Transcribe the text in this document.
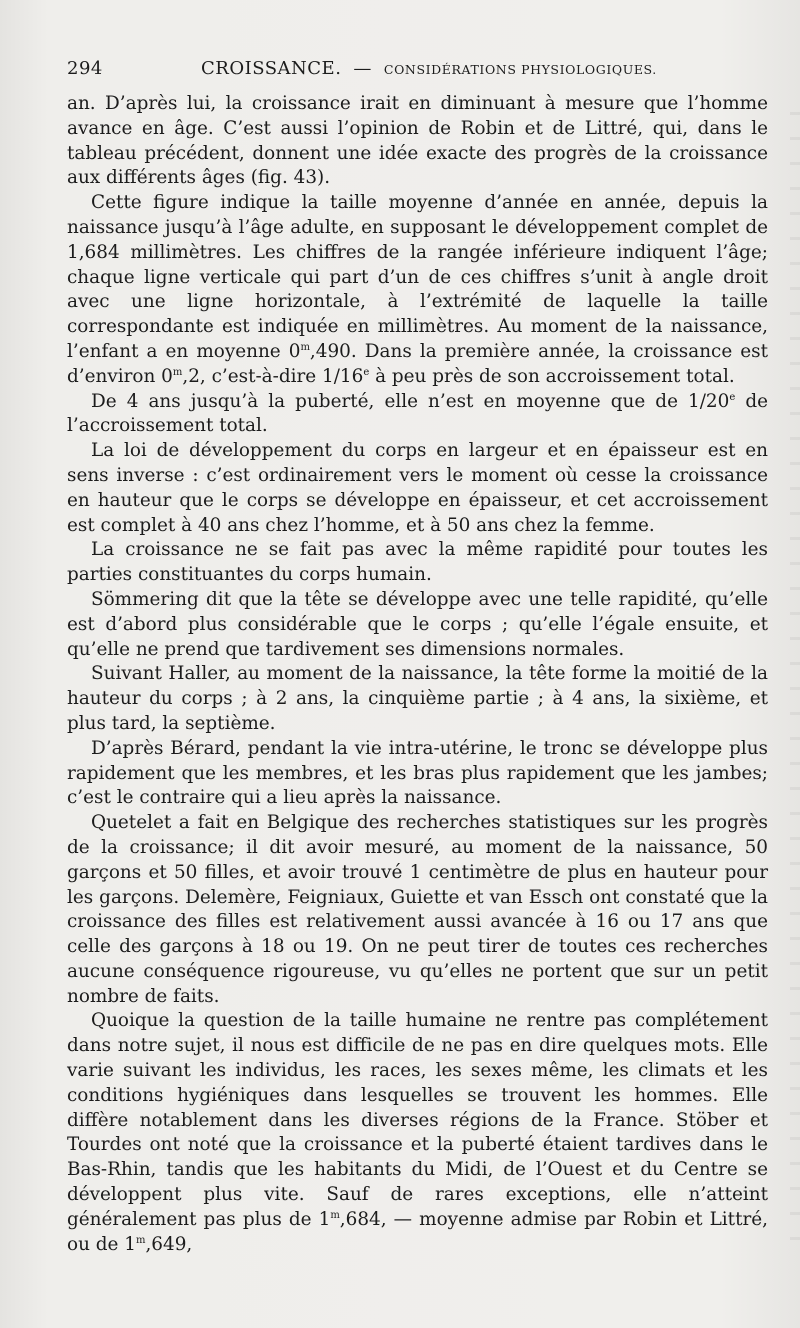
294	CROISSANCE. — CONSIDÉRATIONS PHYSIOLOGIQUES.

an. D’après lui, la croissance irait en diminuant à mesure que l’homme avance en âge. C’est aussi l’opinion de Robin et de Littré, qui, dans le tableau précédent, donnent une idée exacte des progrès de la croissance aux différents âges (fig. 43).

Cette figure indique la taille moyenne d’année en année, depuis la naissance jusqu’à l’âge adulte, en supposant le développement complet de 1,684 millimètres. Les chiffres de la rangée inférieure indiquent l’âge; chaque ligne verticale qui part d’un de ces chiffres s’unit à angle droit avec une ligne horizontale, à l’extrémité de laquelle la taille correspondante est indiquée en millimètres. Au moment de la naissance, l’enfant a en moyenne 0$^m$,490. Dans la première année, la croissance est d’environ 0$^m$,2, c’est-à-dire 1/16e à peu près de son accroissement total.

De 4 ans jusqu’à la puberté, elle n’est en moyenne que de 1/20e de l’accroissement total.

La loi de développement du corps en largeur et en épaisseur est en sens inverse : c’est ordinairement vers le moment où cesse la croissance en hauteur que le corps se développe en épaisseur, et cet accroissement est complet à 40 ans chez l’homme, et à 50 ans chez la femme.

La croissance ne se fait pas avec la même rapidité pour toutes les parties constituantes du corps humain.

Sömmering dit que la tête se développe avec une telle rapidité, qu’elle est d’abord plus considérable que le corps ; qu’elle l’égale ensuite, et qu’elle ne prend que tardivement ses dimensions normales.

Suivant Haller, au moment de la naissance, la tête forme la moitié de la hauteur du corps ; à 2 ans, la cinquième partie ; à 4 ans, la sixième, et plus tard, la septième.

D’après Bérard, pendant la vie intra-utérine, le tronc se développe plus rapidement que les membres, et les bras plus rapidement que les jambes; c’est le contraire qui a lieu après la naissance.

Quetelet a fait en Belgique des recherches statistiques sur les progrès de la croissance; il dit avoir mesuré, au moment de la naissance, 50 garçons et 50 filles, et avoir trouvé 1 centimètre de plus en hauteur pour les garçons. Delemère, Feigniaux, Guiette et van Essch ont constaté que la croissance des filles est relativement aussi avancée à 16 ou 17 ans que celle des garçons à 18 ou 19. On ne peut tirer de toutes ces recherches aucune conséquence rigoureuse, vu qu’elles ne portent que sur un petit nombre de faits.

Quoique la question de la taille humaine ne rentre pas complétement dans notre sujet, il nous est difficile de ne pas en dire quelques mots. Elle varie suivant les individus, les races, les sexes même, les climats et les conditions hygiéniques dans lesquelles se trouvent les hommes. Elle diffère notablement dans les diverses régions de la France. Stöber et Tourdes ont noté que la croissance et la puberté étaient tardives dans le Bas-Rhin, tandis que les habitants du Midi, de l’Ouest et du Centre se développent plus vite. Sauf de rares exceptions, elle n’atteint généralement pas plus de 1$^m$,684, — moyenne admise par Robin et Littré, ou de 1$^m$,649,
